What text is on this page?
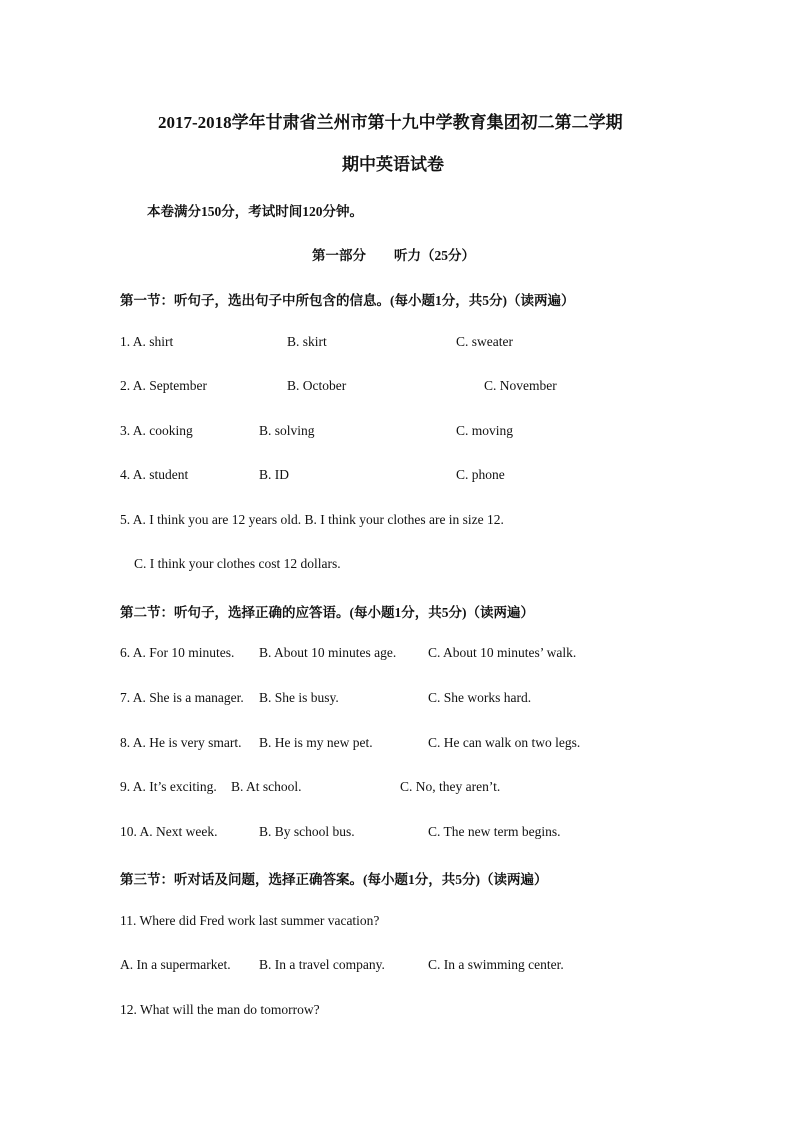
2017-2018学年甘肃省兰州市第十九中学教育集团初二第二学期
期中英语试卷
本卷满分150分，考试时间120分钟。
第一部分 听力（25分）
第一节：听句子，选出句子中所包含的信息。(每小题1分，共5分)（读两遍）
1. A. shirt	B. skirt	C. sweater
2. A. September	B. October	C. November
3. A. cooking	B. solving	C. moving
4. A. student	B. ID	C. phone
5. A. I think you are 12 years old. B. I think your clothes are in size 12.
C. I think your clothes cost 12 dollars.
第二节：听句子，选择正确的应答语。(每小题1分，共5分)（读两遍）
6. A. For 10 minutes. B. About 10 minutes age. C. About 10 minutes’ walk.
7. A. She is a manager. B. She is busy.	C. She works hard.
8. A. He is very smart. B. He is my new pet.	C. He can walk on two legs.
9. A. It’s exciting. B. At school.	C. No, they aren’t.
10. A. Next week.	B. By school bus.	C. The new term begins.
第三节：听对话及问题，选择正确答案。(每小题1分，共5分)（读两遍）
11. Where did Fred work last summer vacation?
A. In a supermarket. B. In a travel company.	C. In a swimming center.
12. What will the man do tomorrow?
